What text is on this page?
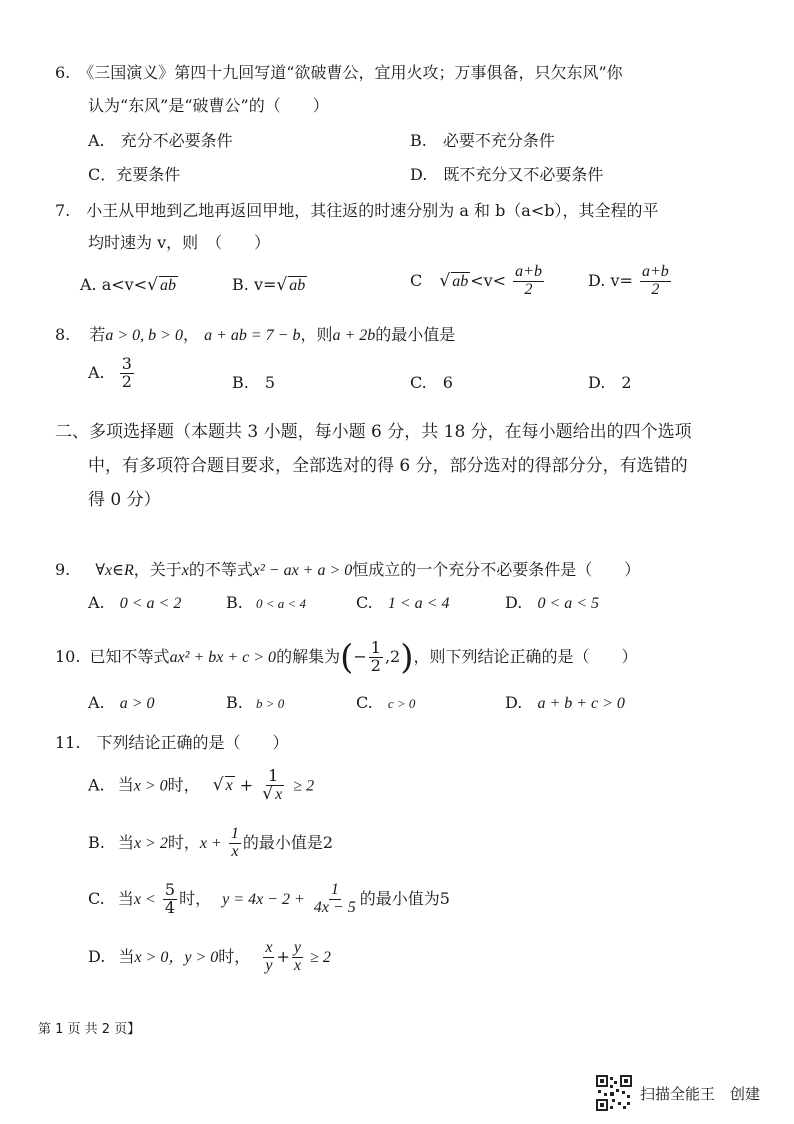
6.　《三国演义》第四十九回写道“欲破曹公，宜用火攻；万事俱备，只欠东风”你
认为“东风”是“破曹公”的（　　）
A.　充分不必要条件	B.　必要不充分条件
C．充要条件	D.　既不充分又不必要条件
7.　小王从甲地到乙地再返回甲地，其往返的时速分别为 a 和 b（a<b），其全程的平
均时速为 v，则　（　　）
A. a<v<√ ab	B. v=√ ab	C √ ab $<v< \frac{a+b}{2}$	D. $v= \frac{a+b}{2}$
8. 若a > 0, b > 0， a + ab = 7 − b，则a + 2b的最小值是
A. $\frac{3}{2}$	B.　5	C.　6	D.　2
二、多项选择题（本题共 3 小题，每小题 6 分，共 18 分，在每小题给出的四个选项
中，有多项符合题目要求，全部选对的得 6 分，部分选对的得部分分，有选错的
得 0 分）
9. ∀x∈R，关于x的不等式x² − ax + a > 0恒成立的一个充分不必要条件是（　　）
A. 0 < a < 2	B. 0 < a < 4	C. 1 < a < 4	D. 0 < a < 5
10. 已知不等式ax² + bx + c > 0的解集为(− $\frac{1}{2} ,2$)，则下列结论正确的是（　　）
A. a > 0	B. b > 0	C. c > 0	D. a + b + c > 0
11.　下列结论正确的是（　　）
A. 当x > 0时， √ $x + \frac{1}{√ x} \ge 2$
B. 当x > 2时，$x + \frac{1}{x}$ 的最小值是2
C. 当$x < \frac{5}{4}$ 时， $y = 4x - 2 + \frac{1}{4x - 5}$ 的最小值为5
D. 当x > 0，y > 0时， $\frac{x}{y} + \frac{y}{x} \ge 2$
第 1 页 共 2 页】
扫描全能王　创建
